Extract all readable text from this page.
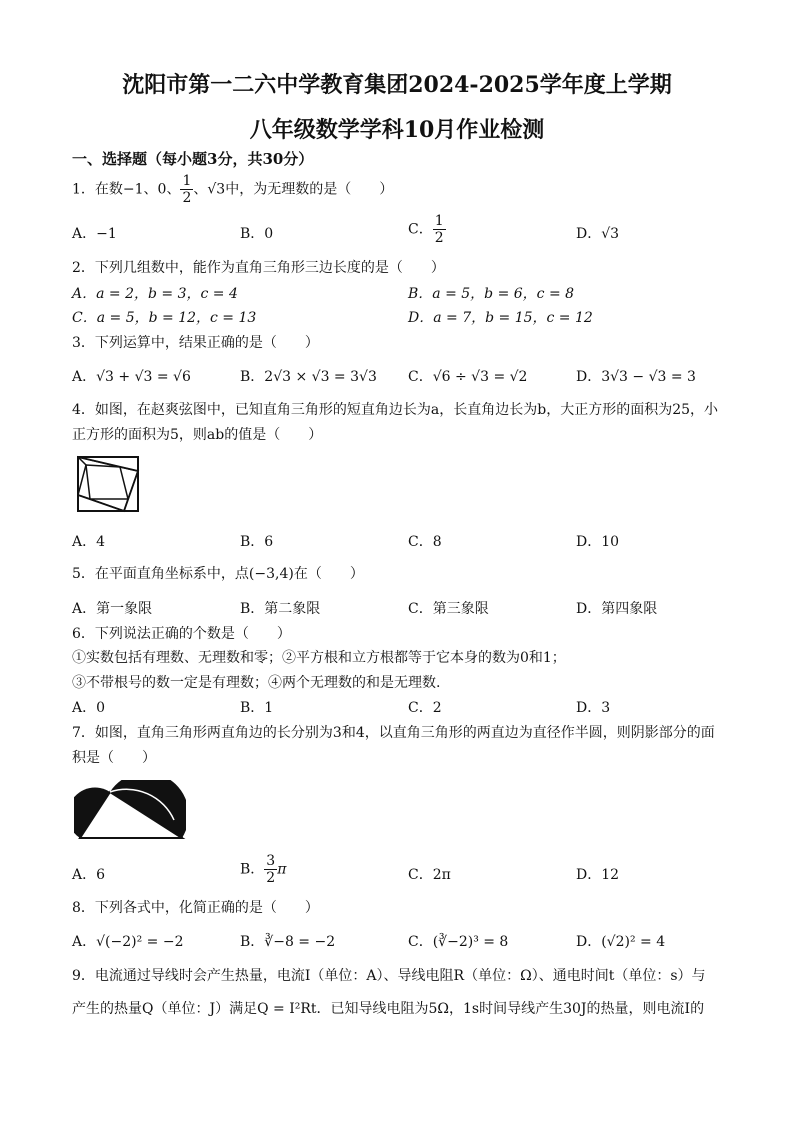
沈阳市第一二六中学教育集团2024-2025学年度上学期
八年级数学学科10月作业检测
一、选择题（每小题3分，共30分）
1．在数−1、0、 $\frac{1}{2}$ 、√3中，为无理数的是（　　）
A．−1	B．0	C． $\frac{1}{2}$	D．√3
2．下列几组数中，能作为直角三角形三边长度的是（　　）
A．a = 2，b = 3，c = 4	B．a = 5，b = 6，c = 8
C．a = 5，b = 12，c = 13	D．a = 7，b = 15，c = 12
3．下列运算中，结果正确的是（　　）
A．√3 + √3 = √6	B．2√3 × √3 = 3√3 C．√6 ÷ √3 = √2	D．3√3 − √3 = 3
4．如图，在赵爽弦图中，已知直角三角形的短直角边长为a，长直角边长为b，大正方形的面积为25，小
正方形的面积为5，则ab的值是（　　）
A．4	B．6	C．8	D．10
5．在平面直角坐标系中，点(−3,4)在（　　）
A．第一象限	B．第二象限	C．第三象限	D．第四象限
6．下列说法正确的个数是（　　）
①实数包括有理数、无理数和零；②平方根和立方根都等于它本身的数为0和1；
③不带根号的数一定是有理数；④两个无理数的和是无理数.
A．0	B．1	C．2	D．3
7．如图，直角三角形两直角边的长分别为3和4，以直角三角形的两直边为直径作半圆，则阴影部分的面
积是（　　）
A．6	B． $\frac{3}{2}$ π	C．2π	D．12
8．下列各式中，化简正确的是（　　）
A．√(−2)² = −2	B．∛−8 = −2	C．(∛−2)³ = 8	D．(√2)² = 4
9．电流通过导线时会产生热量，电流I（单位：A）、导线电阻R（单位：Ω）、通电时间t（单位：s）与
产生的热量Q（单位：J）满足Q = I²Rt．已知导线电阻为5Ω，1s时间导线产生30J的热量，则电流I的
